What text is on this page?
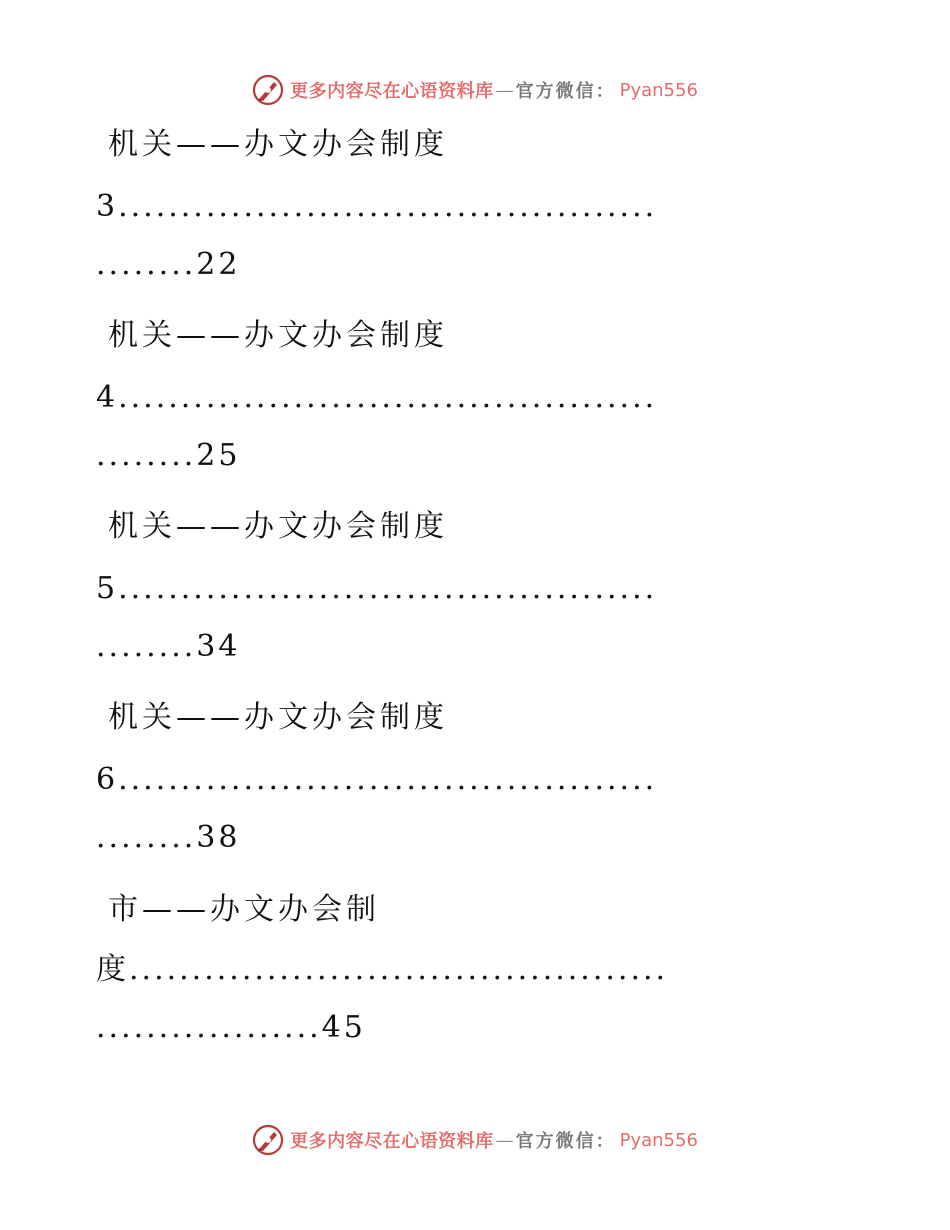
更多内容尽在心语资料库 — 官方微信： Pyan556
机关——办文办会制度
3...........................................
........22
机关——办文办会制度
4...........................................
........25
机关——办文办会制度
5...........................................
........34
机关——办文办会制度
6...........................................
........38
市——办文办会制
度...........................................
..................45
更多内容尽在心语资料库 — 官方微信： Pyan556
